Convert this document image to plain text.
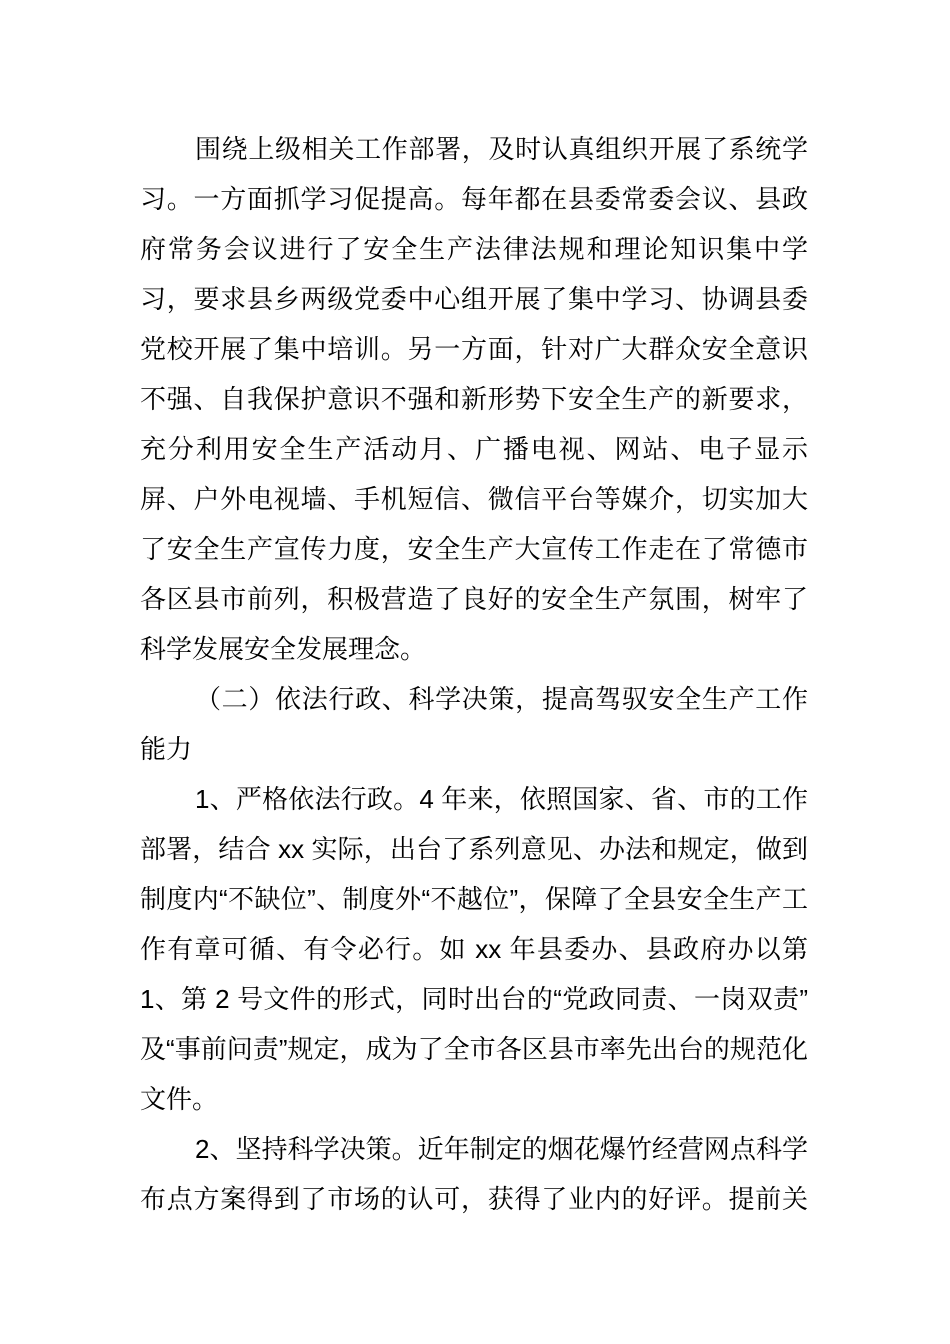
围绕上级相关工作部署，及时认真组织开展了系统学
习。一方面抓学习促提高。每年都在县委常委会议、县政
府常务会议进行了安全生产法律法规和理论知识集中学
习，要求县乡两级党委中心组开展了集中学习、协调县委
党校开展了集中培训。另一方面，针对广大群众安全意识
不强、自我保护意识不强和新形势下安全生产的新要求，
充分利用安全生产活动月、广播电视、网站、电子显示
屏、户外电视墙、手机短信、微信平台等媒介，切实加大
了安全生产宣传力度，安全生产大宣传工作走在了常德市
各区县市前列，积极营造了良好的安全生产氛围，树牢了
科学发展安全发展理念。
（二）依法行政、科学决策，提高驾驭安全生产工作
能力
1、严格依法行政。4 年来，依照国家、省、市的工作
部署，结合 xx 实际，出台了系列意见、办法和规定，做到
制度内“不缺位”、制度外“不越位”，保障了全县安全生产工
作有章可循、有令必行。如 xx 年县委办、县政府办以第
1、第 2 号文件的形式，同时出台的“党政同责、一岗双责”
及“事前问责”规定，成为了全市各区县市率先出台的规范化
文件。
2、坚持科学决策。近年制定的烟花爆竹经营网点科学
布点方案得到了市场的认可，获得了业内的好评。提前关
